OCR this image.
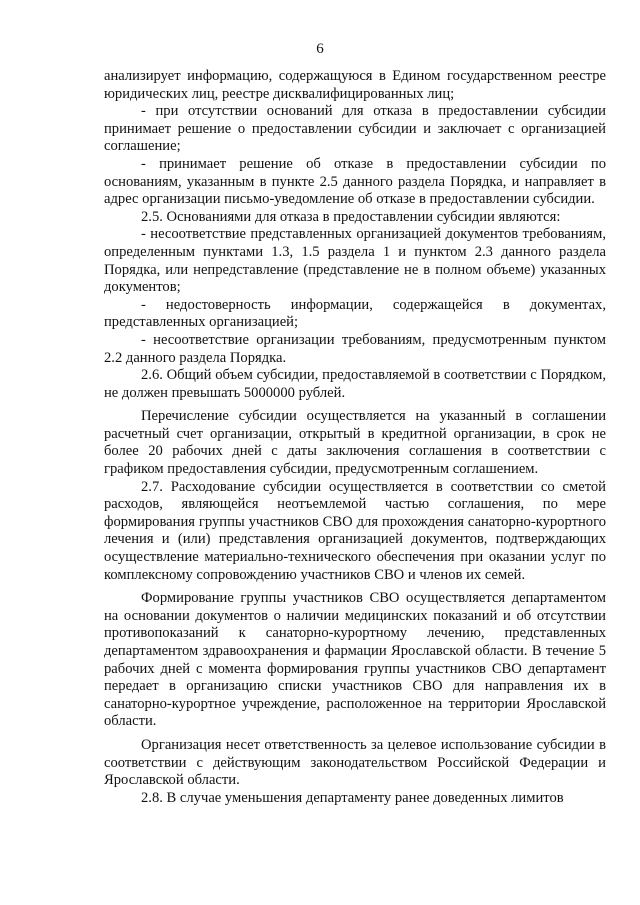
6

анализирует информацию, содержащуюся в Едином государственном реестре юридических лиц, реестре дисквалифицированных лиц;

- при отсутствии оснований для отказа в предоставлении субсидии принимает решение о предоставлении субсидии и заключает с организацией соглашение;

- принимает решение об отказе в предоставлении субсидии по основаниям, указанным в пункте 2.5 данного раздела Порядка, и направляет в адрес организации письмо-уведомление об отказе в предоставлении субсидии.

2.5. Основаниями для отказа в предоставлении субсидии являются:

- несоответствие представленных организацией документов требованиям, определенным пунктами 1.3, 1.5 раздела 1 и пунктом 2.3 данного раздела Порядка, или непредставление (представление не в полном объеме) указанных документов;

- недостоверность информации, содержащейся в документах, представленных организацией;

- несоответствие организации требованиям, предусмотренным пунктом 2.2 данного раздела Порядка.

2.6. Общий объем субсидии, предоставляемой в соответствии с Порядком, не должен превышать 5000000 рублей.

Перечисление субсидии осуществляется на указанный в соглашении расчетный счет организации, открытый в кредитной организации, в срок не более 20 рабочих дней с даты заключения соглашения в соответствии с графиком предоставления субсидии, предусмотренным соглашением.

2.7. Расходование субсидии осуществляется в соответствии со сметой расходов, являющейся неотъемлемой частью соглашения, по мере формирования группы участников СВО для прохождения санаторно-курортного лечения и (или) представления организацией документов, подтверждающих осуществление материально-технического обеспечения при оказании услуг по комплексному сопровождению участников СВО и членов их семей.

Формирование группы участников СВО осуществляется департаментом на основании документов о наличии медицинских показаний и об отсутствии противопоказаний к санаторно-курортному лечению, представленных департаментом здравоохранения и фармации Ярославской области. В течение 5 рабочих дней с момента формирования группы участников СВО департамент передает в организацию списки участников СВО для направления их в санаторно-курортное учреждение, расположенное на территории Ярославской области.

Организация несет ответственность за целевое использование субсидии в соответствии с действующим законодательством Российской Федерации и Ярославской области.

2.8. В случае уменьшения департаменту ранее доведенных лимитов
